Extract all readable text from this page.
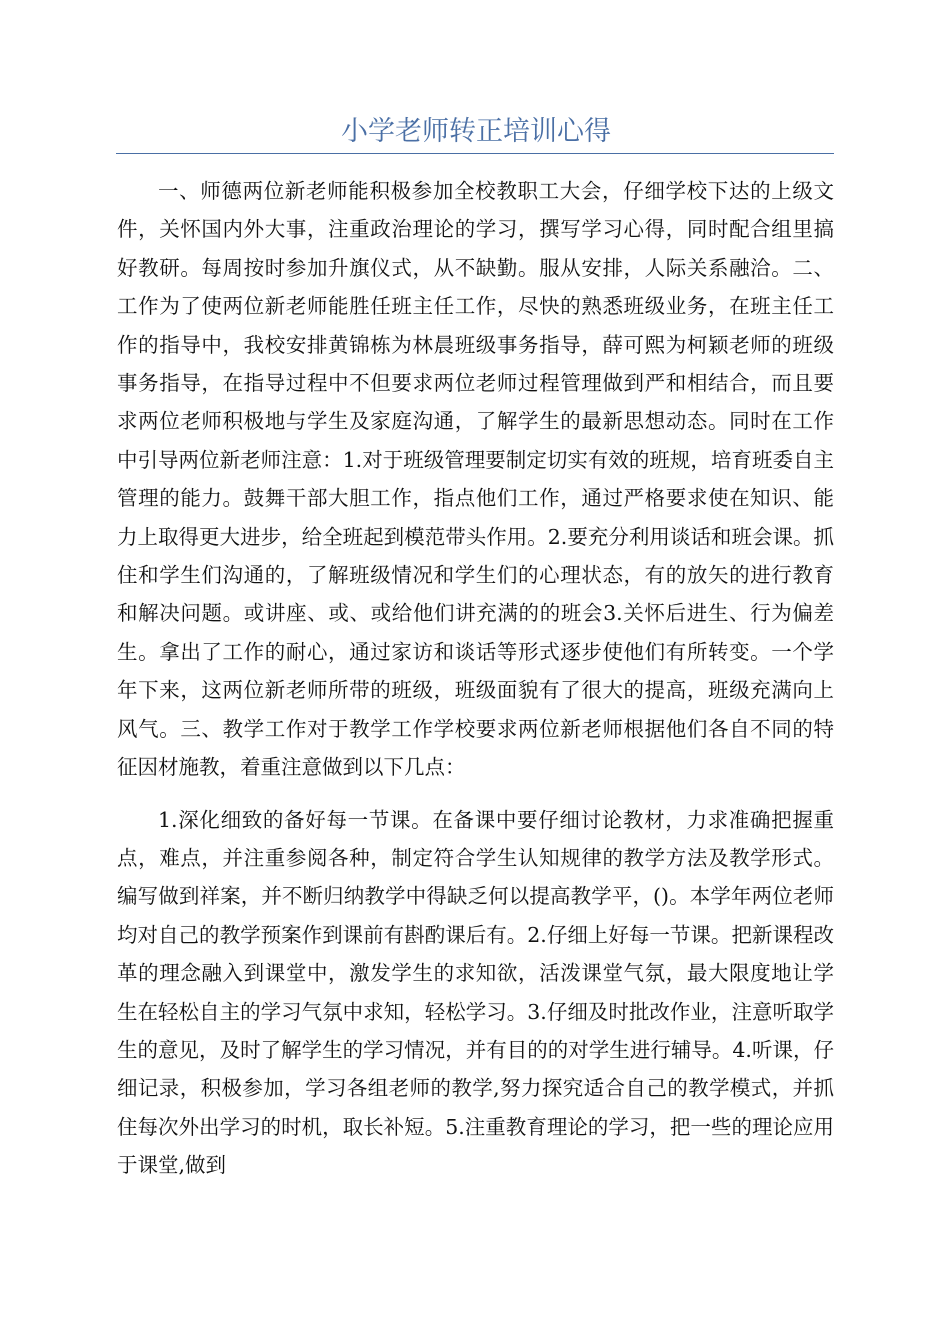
小学老师转正培训心得

一、师德两位新老师能积极参加全校教职工大会，仔细学校下达的上级文件，关怀国内外大事，注重政治理论的学习，撰写学习心得，同时配合组里搞好教研。每周按时参加升旗仪式，从不缺勤。服从安排，人际关系融洽。二、工作为了使两位新老师能胜任班主任工作，尽快的熟悉班级业务，在班主任工作的指导中，我校安排黄锦栋为林晨班级事务指导，薛可熙为柯颖老师的班级事务指导，在指导过程中不但要求两位老师过程管理做到严和相结合，而且要求两位老师积极地与学生及家庭沟通，了解学生的最新思想动态。同时在工作中引导两位新老师注意：1.对于班级管理要制定切实有效的班规，培育班委自主管理的能力。鼓舞干部大胆工作，指点他们工作，通过严格要求使在知识、能力上取得更大进步，给全班起到模范带头作用。2.要充分利用谈话和班会课。抓住和学生们沟通的，了解班级情况和学生们的心理状态，有的放矢的进行教育和解决问题。或讲座、或、或给他们讲充满的的班会3.关怀后进生、行为偏差生。拿出了工作的耐心，通过家访和谈话等形式逐步使他们有所转变。一个学年下来，这两位新老师所带的班级，班级面貌有了很大的提高，班级充满向上风气。三、教学工作对于教学工作学校要求两位新老师根据他们各自不同的特征因材施教，着重注意做到以下几点：

1.深化细致的备好每一节课。在备课中要仔细讨论教材，力求准确把握重点，难点，并注重参阅各种，制定符合学生认知规律的教学方法及教学形式。编写做到祥案，并不断归纳教学中得缺乏何以提高教学平，()。本学年两位老师均对自己的教学预案作到课前有斟酌课后有。2.仔细上好每一节课。把新课程改革的理念融入到课堂中，激发学生的求知欲，活泼课堂气氛，最大限度地让学生在轻松自主的学习气氛中求知，轻松学习。3.仔细及时批改作业，注意听取学生的意见，及时了解学生的学习情况，并有目的的对学生进行辅导。4.听课，仔细记录，积极参加，学习各组老师的教学,努力探究适合自己的教学模式，并抓住每次外出学习的时机，取长补短。5.注重教育理论的学习，把一些的理论应用于课堂,做到
